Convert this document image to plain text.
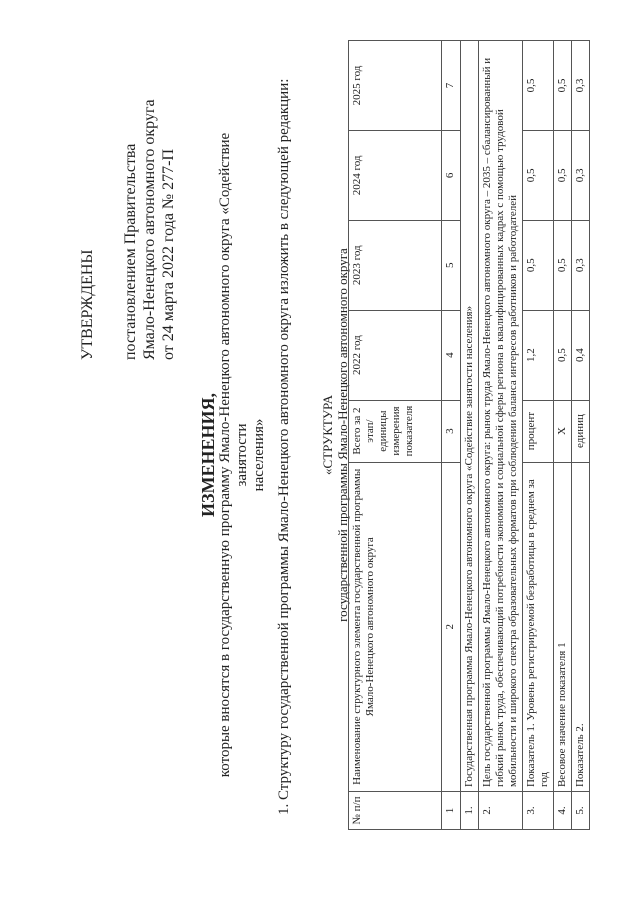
УТВЕРЖДЕНЫ постановлением Правительства Ямало-Ненецкого автономного округа от 24 марта 2022 года № 277-П
ИЗМЕНЕНИЯ, которые вносятся в государственную программу Ямало-Ненецкого автономного округа «Содействие занятости населения» 1. Структуру государственной программы Ямало-Ненецкого автономного округа изложить в следующей редакции: «СТРУКТУРА государственной программы Ямало-Ненецкого автономного округа
№ п/п	Наименование структурного элемента государственной программы Ямало-Ненецкого автономного округа	Всего за 2 этап/ единицы измерения показателя	2022 год	2023 год	2024 год	2025 год
1	2	3	4	5	6	7
1.	Государственная программа Ямало-Ненецкого автономного округа «Содействие занятости населения»					
2.	Цель государственной программы Ямало-Ненецкого автономного округа: рынок труда Ямало-Ненецкого автономного округа – 2035 – сбалансированный и гибкий рынок труда, обеспечивающий потребности экономики и социальной сферы региона в квалифицированных кадрах с помощью трудовой мобильности и широкого спектра образовательных форматов при соблюдении баланса интересов работников и работодателей					
3.	Показатель 1. Уровень регистрируемой безработицы в среднем за год	процент	1,2	0,5	0,5	0,5
4.	Весовое значение показателя 1	X	0,5	0,5	0,5	0,5
5.	Показатель 2.	единиц	0,4	0,3	0,3	0,3
